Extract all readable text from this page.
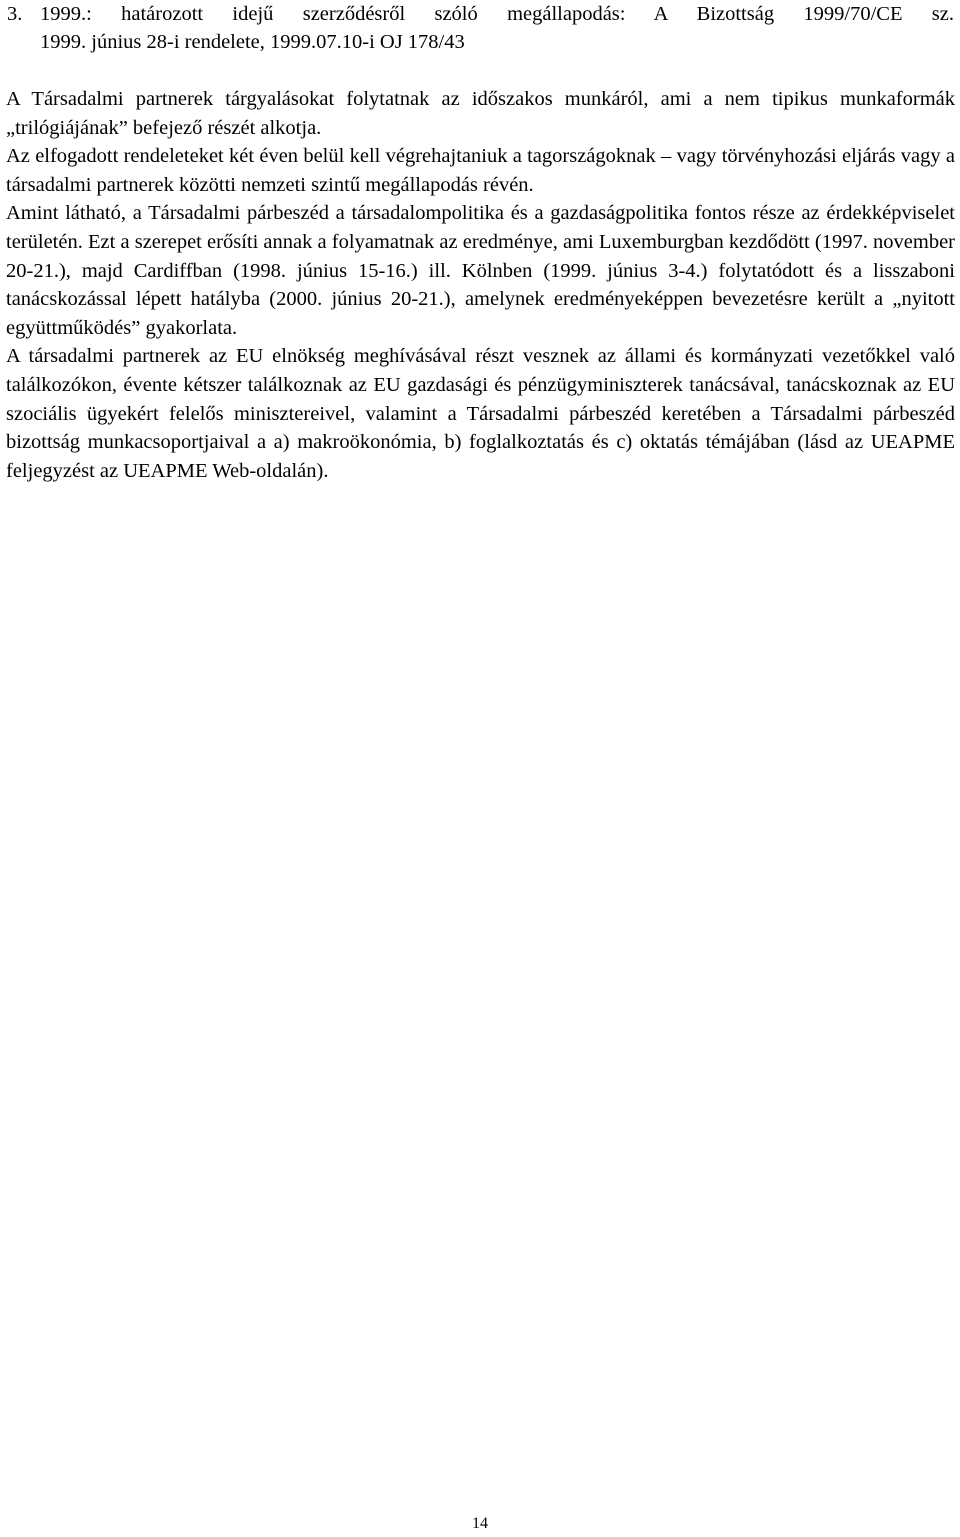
3. 1999.: határozott idejű szerződésről szóló megállapodás: A Bizottság 1999/70/CE sz.
1999. június 28-i rendelete, 1999.07.10-i OJ 178/43

A Társadalmi partnerek tárgyalásokat folytatnak az időszakos munkáról, ami a nem tipikus munkaformák „trilógiájának” befejező részét alkotja.

Az elfogadott rendeleteket két éven belül kell végrehajtaniuk a tagországoknak – vagy törvényhozási eljárás vagy a társadalmi partnerek közötti nemzeti szintű megállapodás révén.

Amint látható, a Társadalmi párbeszéd a társadalompolitika és a gazdaságpolitika fontos része az érdekképviselet területén. Ezt a szerepet erősíti annak a folyamatnak az eredménye, ami Luxemburgban kezdődött (1997. november 20-21.), majd Cardiffban (1998. június 15-16.) ill. Kölnben (1999. június 3-4.) folytatódott és a lisszaboni tanácskozással lépett hatályba (2000. június 20-21.), amelynek eredményeképpen bevezetésre került a „nyitott együttműködés” gyakorlata.

A társadalmi partnerek az EU elnökség meghívásával részt vesznek az állami és kormányzati vezetőkkel való találkozókon, évente kétszer találkoznak az EU gazdasági és pénzügyminiszterek tanácsával, tanácskoznak az EU szociális ügyekért felelős minisztereivel, valamint a Társadalmi párbeszéd keretében a Társadalmi párbeszéd bizottság munkacsoportjaival a a) makroökonómia, b) foglalkoztatás és c) oktatás témájában (lásd az UEAPME feljegyzést az UEAPME Web-oldalán).

14
